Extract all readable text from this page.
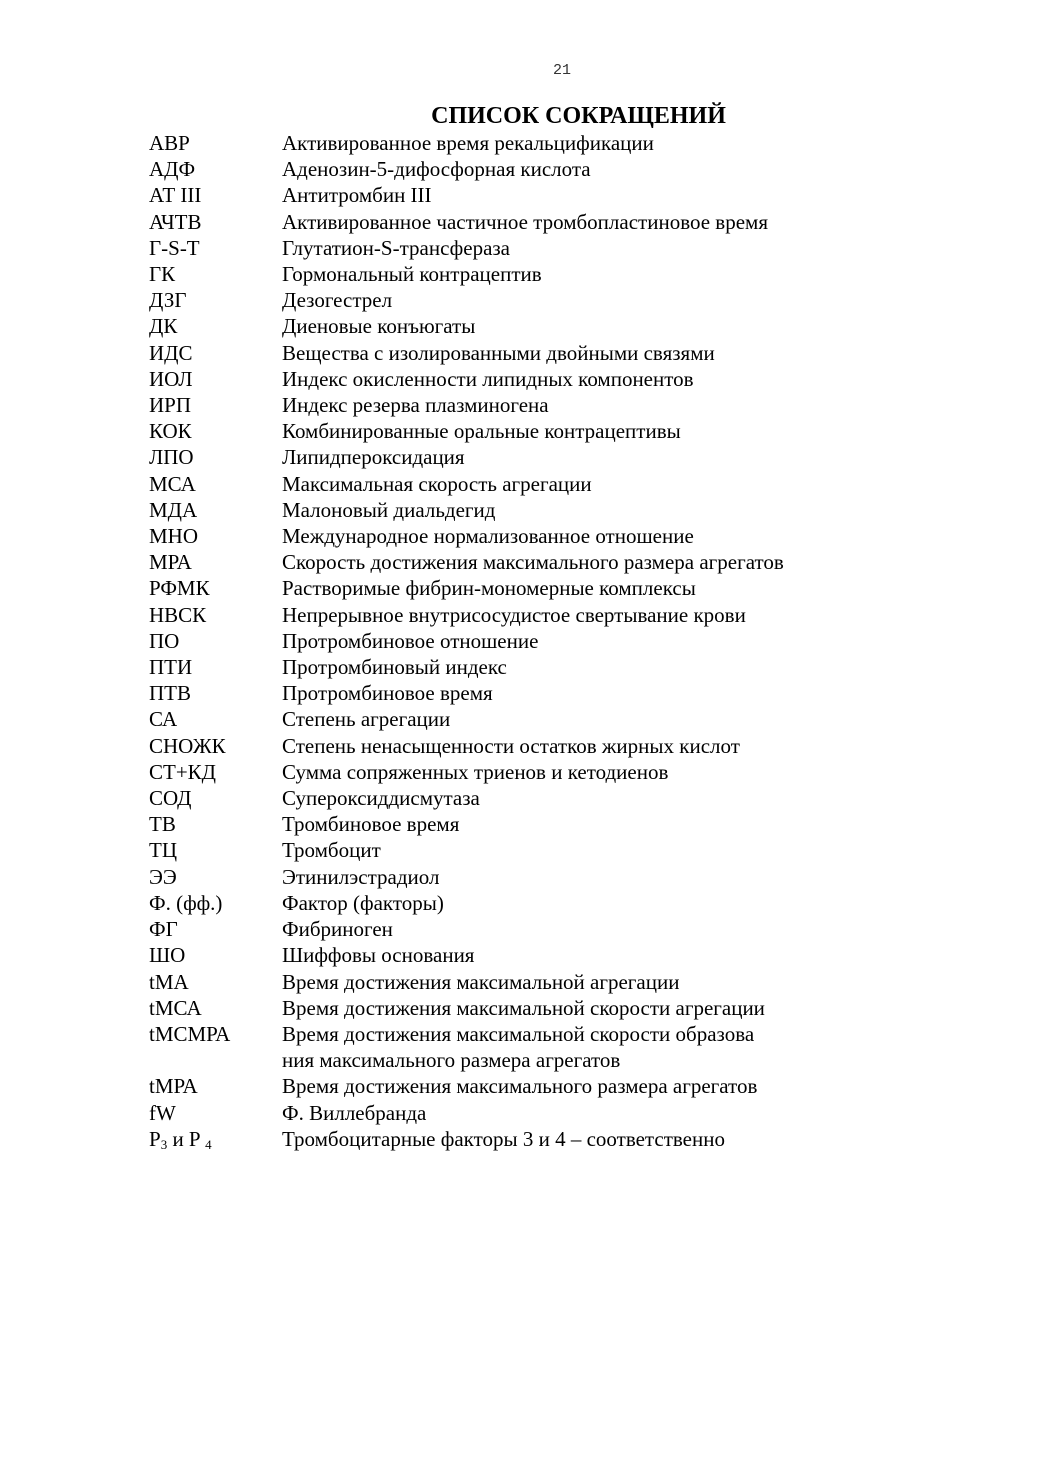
21
СПИСОК СОКРАЩЕНИЙ
АВР	Активированное время рекальцификации
АДФ	Аденозин-5-дифосфорная кислота
АТ III	Антитромбин III
АЧТВ	Активированное частичное тромбопластиновое время
Г-S-T	Глутатион-S-трансфераза
ГК	Гормональный контрацептив
ДЗГ	Дезогестрел
ДК	Диеновые конъюгаты
ИДС	Вещества с изолированными двойными связями
ИОЛ	Индекс окисленности липидных компонентов
ИРП	Индекс резерва плазминогена
КОК	Комбинированные оральные контрацептивы
ЛПО	Липидпероксидация
МСА	Максимальная скорость агрегации
МДА	Малоновый диальдегид
МНО	Международное нормализованное отношение
МРА	Скорость достижения максимального размера агрегатов
РФМК	Растворимые фибрин-мономерные комплексы
НВСК	Непрерывное внутрисосудистое свертывание крови
ПО	Протромбиновое отношение
ПТИ	Протромбиновый индекс
ПТВ	Протромбиновое время
СА	Степень агрегации
СНОЖК	Степень ненасыщенности остатков жирных кислот
СТ+КД	Сумма сопряженных триенов и кетодиенов
СОД	Супероксиддисмутаза
ТВ	Тромбиновое время
ТЦ	Тромбоцит
ЭЭ	Этинилэстрадиол
Ф. (фф.)	Фактор (факторы)
ФГ	Фибриноген
ШО	Шиффовы основания
tМА	Время достижения максимальной агрегации
tМСА	Время достижения максимальной скорости агрегации
tМСМРА	Время достижения максимальной скорости образова
ния максимального размера агрегатов
tМРА	Время достижения максимального размера агрегатов
fW	Ф. Виллебранда
$P_3$ и P $_4$	Тромбоцитарные факторы 3 и 4 – соответственно
